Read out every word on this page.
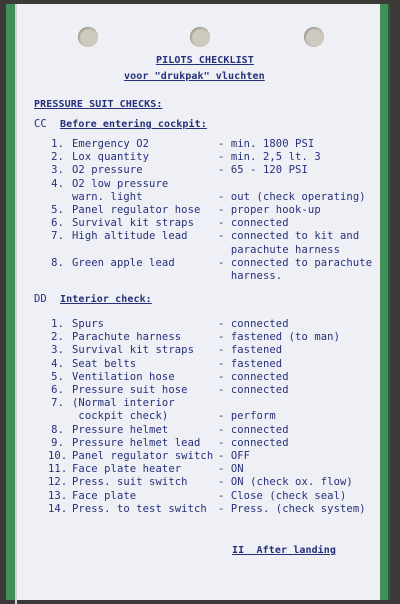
PILOTS CHECKLIST
voor "drukpak" vluchten
PRESSURE SUIT CHECKS:
CC Before entering cockpit:
1. Emergency O2	- min. 1800 PSI
2. Lox quantity	- min. 2,5 lt. 3
3. O2 pressure	- 65 - 120 PSI
4. O2 low pressure
warn. light	- out (check operating)
5. Panel regulator hose - proper hook-up
6. Survival kit straps - connected
7. High altitude lead	- connected to kit and
parachute harness
8. Green apple lead	- connected to parachute
harness.
DD Interior check:
1. Spurs	- connected
2. Parachute harness	- fastened (to man)
3. Survival kit straps - fastened
4. Seat belts	- fastened
5. Ventilation hose	- connected
6. Pressure suit hose	- connected
7. (Normal interior
cockpit check)	- perform
8. Pressure helmet	- connected
9. Pressure helmet lead - connected
10. Panel regulator switch - OFF
11. Face plate heater	- ON
12. Press. suit switch	- ON (check ox. flow)
13. Face plate	- Close (check seal)
14. Press. to test switch - Press. (check system)
II  After landing
